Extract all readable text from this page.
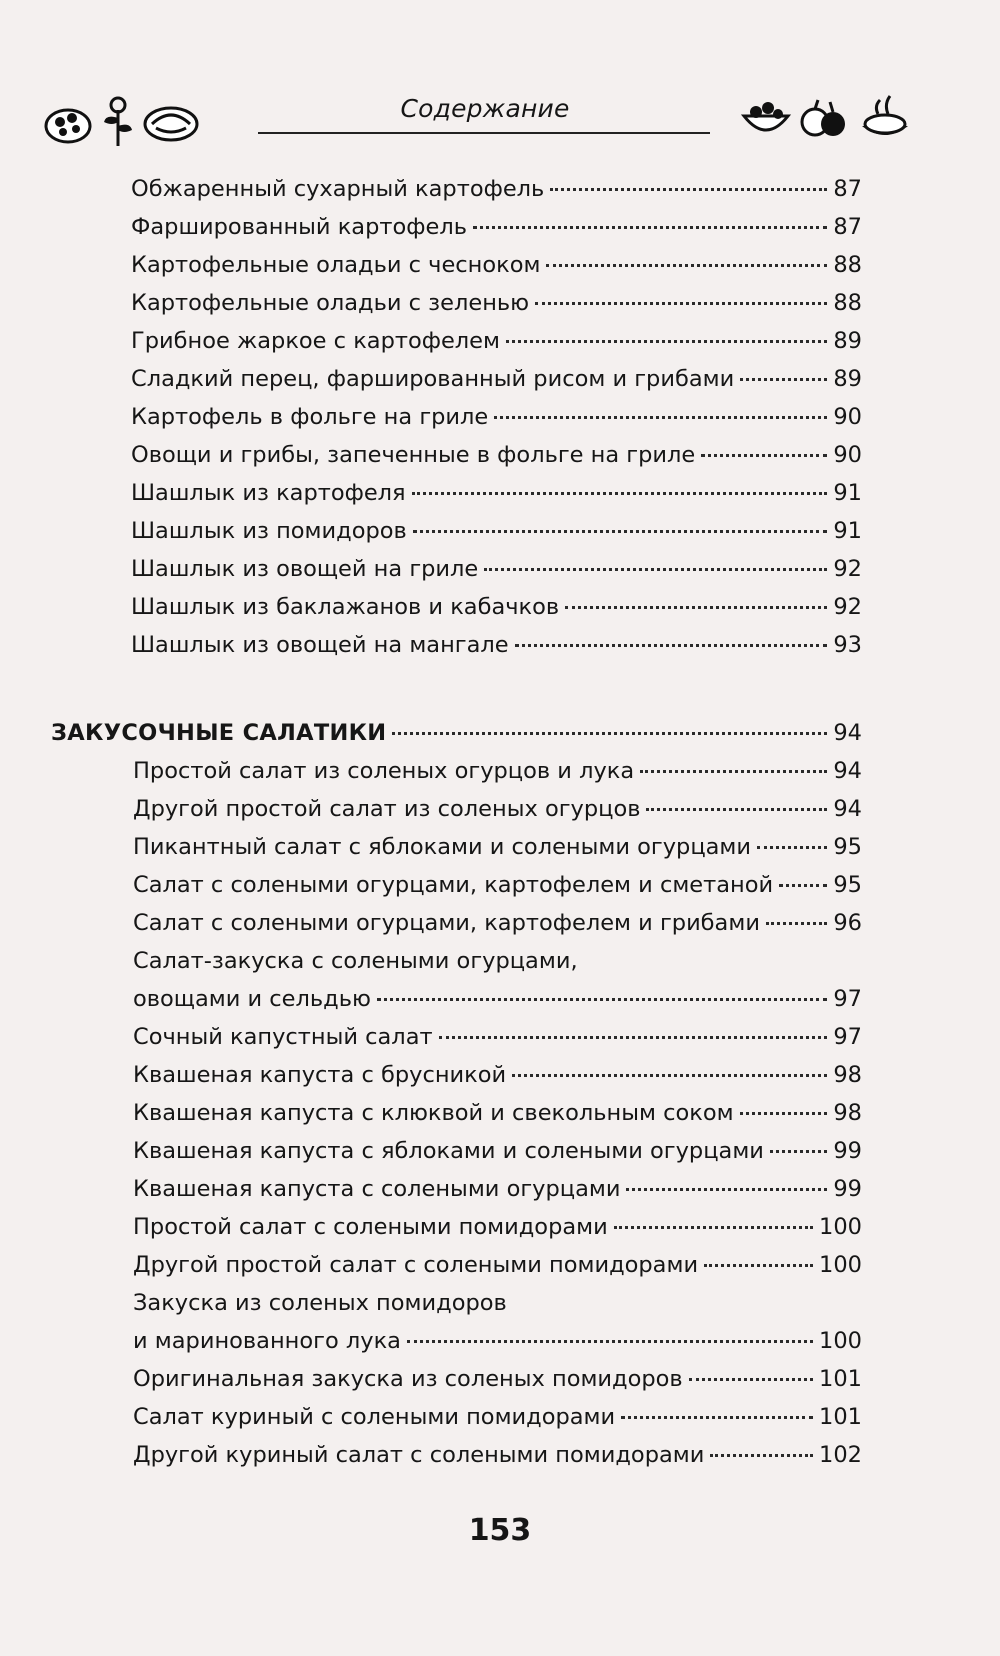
Содержание
Обжаренный сухарный картофель	87
Фаршированный картофель	87
Картофельные оладьи с чесноком	88
Картофельные оладьи с зеленью	88
Грибное жаркое с картофелем	89
Сладкий перец, фаршированный рисом и грибами	89
Картофель в фольге на гриле	90
Овощи и грибы, запеченные в фольге на гриле	90
Шашлык из картофеля	91
Шашлык из помидоров	91
Шашлык из овощей на гриле	92
Шашлык из баклажанов и кабачков	92
Шашлык из овощей на мангале	93
ЗАКУСОЧНЫЕ САЛАТИКИ	94
Простой салат из соленых огурцов и лука	94
Другой простой салат из соленых огурцов	94
Пикантный салат с яблоками и солеными огурцами	95
Салат с солеными огурцами, картофелем и сметаной	95
Салат с солеными огурцами, картофелем и грибами	96
Салат-закуска с солеными огурцами,
овощами и сельдью	97
Сочный капустный салат	97
Квашеная капуста с брусникой	98
Квашеная капуста с клюквой и свекольным соком	98
Квашеная капуста с яблоками и солеными огурцами	99
Квашеная капуста с солеными огурцами	99
Простой салат с солеными помидорами	100
Другой простой салат с солеными помидорами	100
Закуска из соленых помидоров
и маринованного лука	100
Оригинальная закуска из соленых помидоров	101
Салат куриный с солеными помидорами	101
Другой куриный салат с солеными помидорами	102
153
